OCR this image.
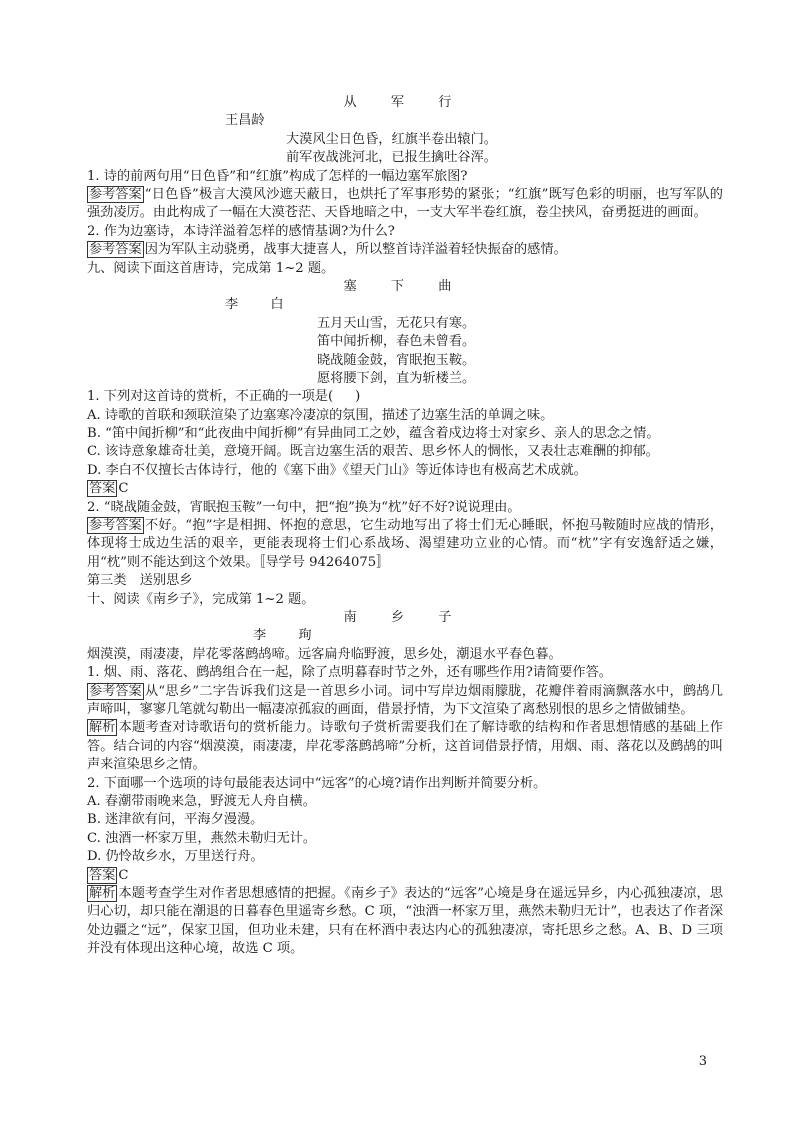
从 军 行
王昌龄
大漠风尘日色昏，红旗半卷出辕门。
前军夜战洮河北，已报生擒吐谷浑。
1. 诗的前两句用“日色昏”和“红旗”构成了怎样的一幅边塞军旅图?
参考答案 “日色昏”极言大漠风沙遮天蔽日，也烘托了军事形势的紧张；“红旗”既写色彩的明丽，也写军队的强劲凌厉。由此构成了一幅在大漠苍茫、天昏地暗之中，一支大军半卷红旗，卷尘挟风，奋勇挺进的画面。
2. 作为边塞诗，本诗洋溢着怎样的感情基调?为什么?
参考答案 因为军队主动骁勇，战事大捷喜人，所以整首诗洋溢着轻快振奋的感情。
九、阅读下面这首唐诗，完成第 1~2 题。
塞 下 曲
李 白
五月天山雪，无花只有寒。
笛中闻折柳，春色未曾看。
晓战随金鼓，宵眠抱玉鞍。
愿将腰下剑，直为斩楼兰。
1. 下列对这首诗的赏析，不正确的一项是( )
A. 诗歌的首联和颈联渲染了边塞寒冷凄凉的氛围，描述了边塞生活的单调之味。
B. “笛中闻折柳”和“此夜曲中闻折柳”有异曲同工之妙，蕴含着戍边将士对家乡、亲人的思念之情。
C. 该诗意象雄奇壮美，意境开阔。既言边塞生活的艰苦、思乡怀人的惆怅，又表壮志难酬的抑郁。
D. 李白不仅擅长古体诗行，他的《塞下曲》《望天门山》等近体诗也有极高艺术成就。
答案 C
2. “晓战随金鼓，宵眠抱玉鞍”一句中，把“抱”换为“枕”好不好?说说理由。
参考答案 不好。“抱”字是相拥、怀抱的意思，它生动地写出了将士们无心睡眠，怀抱马鞍随时应战的情形，体现将士成边生活的艰辛，更能表现将士们心系战场、渴望建功立业的心情。而“枕”字有安逸舒适之嫌，用“枕”则不能达到这个效果。〚导学号 94264075〛
第三类　送别思乡
十、阅读《南乡子》，完成第 1~2 题。
南 乡 子
李 珣
烟漠漠，雨凄凄，岸花零落鹧鸪啼。远客扁舟临野渡，思乡处，潮退水平春色暮。
1. 烟、雨、落花、鹧鸪组合在一起，除了点明暮春时节之外，还有哪些作用?请简要作答。
参考答案 从“思乡”二字告诉我们这是一首思乡小词。词中写岸边烟雨朦胧，花瓣伴着雨滴飘落水中，鹧鸪几声啼叫，寥寥几笔就勾勒出一幅凄凉孤寂的画面，借景抒情，为下文渲染了离愁别恨的思乡之情做铺垫。
解析 本题考查对诗歌语句的赏析能力。诗歌句子赏析需要我们在了解诗歌的结构和作者思想情感的基础上作答。结合词的内容“烟漠漠，雨凄凄，岸花零落鹧鸪啼”分析，这首词借景抒情，用烟、雨、落花以及鹧鸪的叫声来渲染思乡之情。
2. 下面哪一个选项的诗句最能表达词中“远客”的心境?请作出判断并简要分析。
A. 春潮带雨晚来急，野渡无人舟自横。
B. 迷津欲有问，平海夕漫漫。
C. 浊酒一杯家万里，燕然未勒归无计。
D. 仍怜故乡水，万里送行舟。
答案 C
解析 本题考查学生对作者思想感情的把握。《南乡子》表达的“远客”心境是身在遥远异乡，内心孤独凄凉，思归心切，却只能在潮退的日暮春色里遥寄乡愁。C 项，“浊酒一杯家万里，燕然未勒归无计”，也表达了作者深处边疆之“远”，保家卫国，但功业未建，只有在杯酒中表达内心的孤独凄凉，寄托思乡之愁。A、B、D 三项并没有体现出这种心境，故选 C 项。
3
